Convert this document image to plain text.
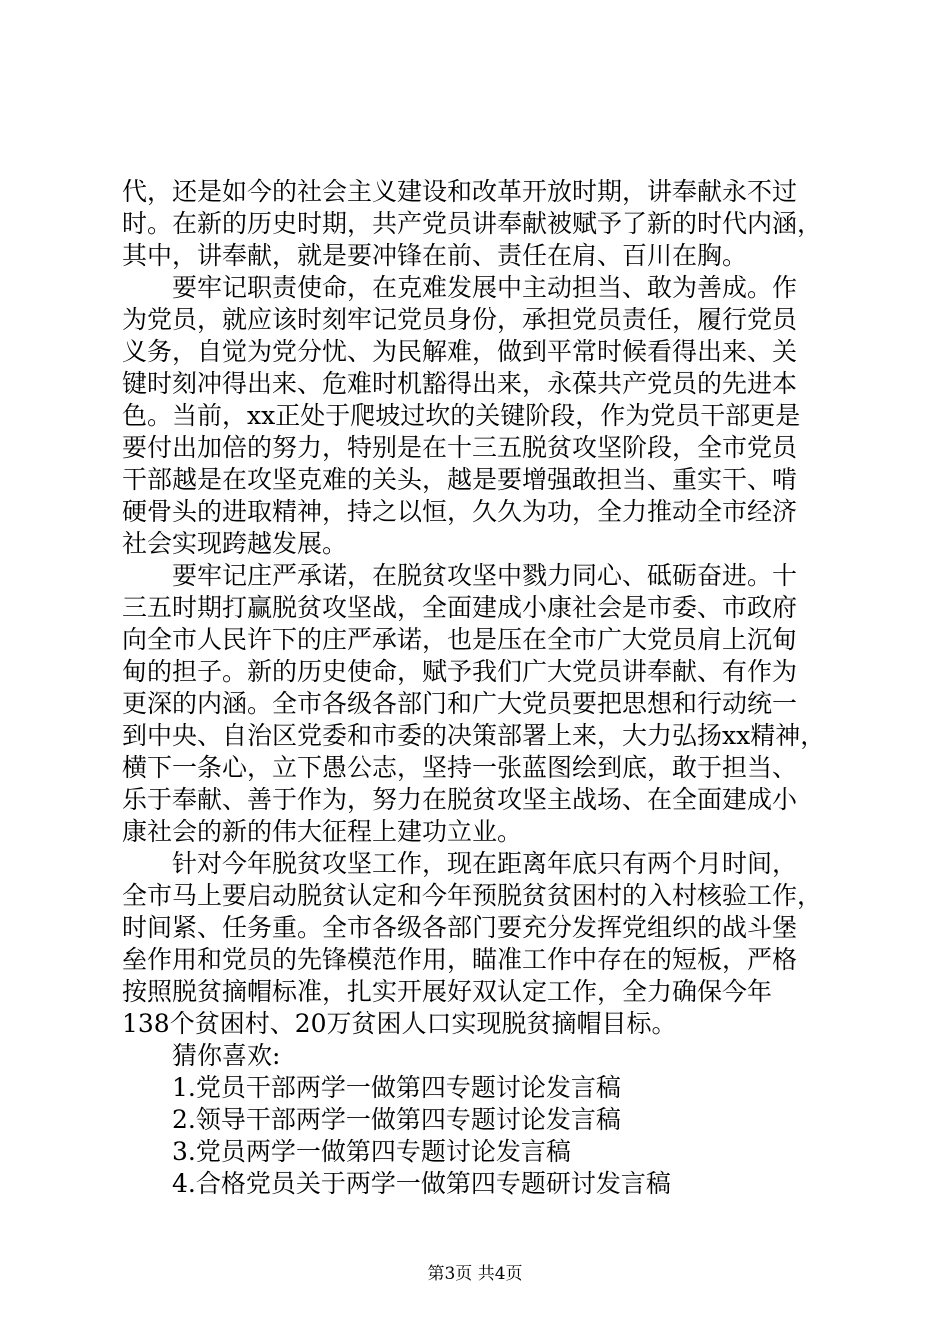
代，还是如今的社会主义建设和改革开放时期，讲奉献永不过
时。在新的历史时期，共产党员讲奉献被赋予了新的时代内涵，
其中，讲奉献，就是要冲锋在前、责任在肩、百川在胸。
要牢记职责使命，在克难发展中主动担当、敢为善成。作
为党员，就应该时刻牢记党员身份，承担党员责任，履行党员
义务，自觉为党分忧、为民解难，做到平常时候看得出来、关
键时刻冲得出来、危难时机豁得出来，永葆共产党员的先进本
色。当前，xx正处于爬坡过坎的关键阶段，作为党员干部更是
要付出加倍的努力，特别是在十三五脱贫攻坚阶段，全市党员
干部越是在攻坚克难的关头，越是要增强敢担当、重实干、啃
硬骨头的进取精神，持之以恒，久久为功，全力推动全市经济
社会实现跨越发展。
要牢记庄严承诺，在脱贫攻坚中戮力同心、砥砺奋进。十
三五时期打赢脱贫攻坚战，全面建成小康社会是市委、市政府
向全市人民许下的庄严承诺，也是压在全市广大党员肩上沉甸
甸的担子。新的历史使命，赋予我们广大党员讲奉献、有作为
更深的内涵。全市各级各部门和广大党员要把思想和行动统一
到中央、自治区党委和市委的决策部署上来，大力弘扬xx精神，
横下一条心，立下愚公志，坚持一张蓝图绘到底，敢于担当、
乐于奉献、善于作为，努力在脱贫攻坚主战场、在全面建成小
康社会的新的伟大征程上建功立业。
针对今年脱贫攻坚工作，现在距离年底只有两个月时间，
全市马上要启动脱贫认定和今年预脱贫贫困村的入村核验工作，
时间紧、任务重。全市各级各部门要充分发挥党组织的战斗堡
垒作用和党员的先锋模范作用，瞄准工作中存在的短板，严格
按照脱贫摘帽标准，扎实开展好双认定工作，全力确保今年
138个贫困村、20万贫困人口实现脱贫摘帽目标。
猜你喜欢:
1.党员干部两学一做第四专题讨论发言稿
2.领导干部两学一做第四专题讨论发言稿
3.党员两学一做第四专题讨论发言稿
4.合格党员关于两学一做第四专题研讨发言稿
第3页 共4页
